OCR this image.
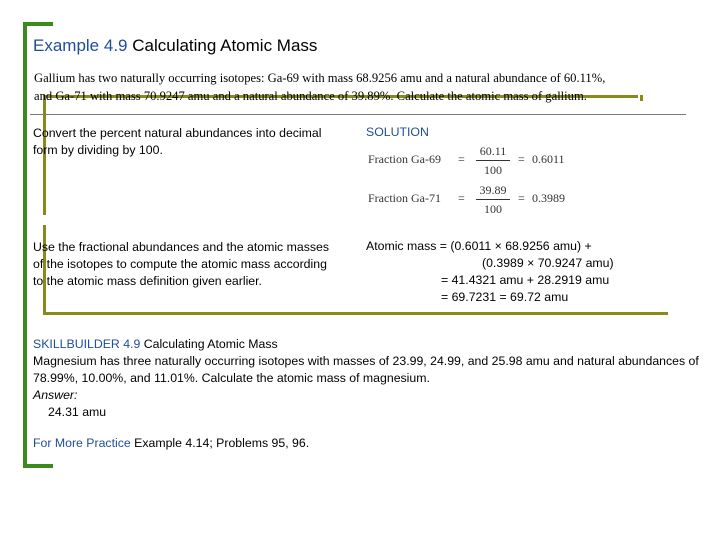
Example 4.9 Calculating Atomic Mass
Gallium has two naturally occurring isotopes: Ga-69 with mass 68.9256 amu and a natural abundance of 60.11%,
and Ga-71 with mass 70.9247 amu and a natural abundance of 39.89%. Calculate the atomic mass of gallium.
Convert the percent natural abundances into decimal form by dividing by 100.
SOLUTION
Fraction Ga-69 =
60.11
100
= 0.6011
Fraction Ga-71 =
39.89
100
= 0.3989
Use the fractional abundances and the atomic masses of the isotopes to compute the atomic mass according to the atomic mass definition given earlier.
Atomic mass = (0.6011 × 68.9256 amu) +
(0.3989 × 70.9247 amu)
= 41.4321 amu + 28.2919 amu
= 69.7231 = 69.72 amu
SKILLBUILDER 4.9 Calculating Atomic Mass
Magnesium has three naturally occurring isotopes with masses of 23.99, 24.99, and 25.98 amu and natural abundances of 78.99%, 10.00%, and 11.01%. Calculate the atomic mass of magnesium.
Answer:
24.31 amu
For More Practice Example 4.14; Problems 95, 96.
